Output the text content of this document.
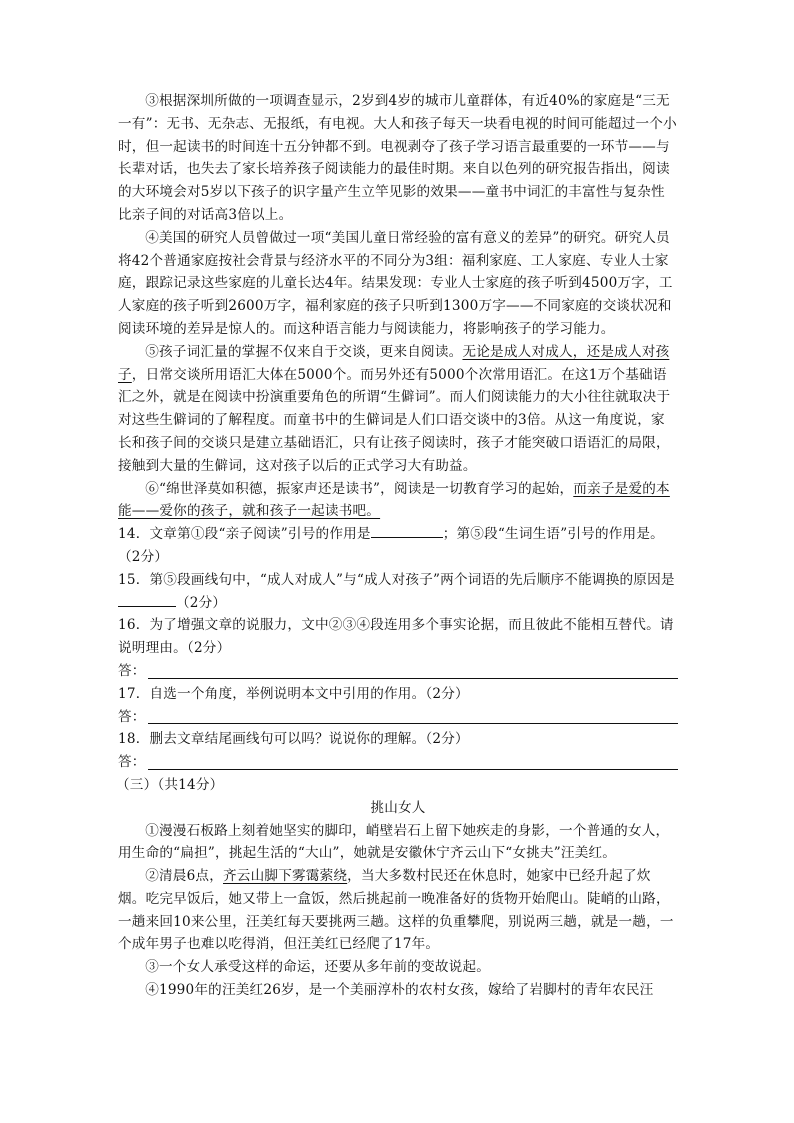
③根据深圳所做的一项调查显示，2岁到4岁的城市儿童群体，有近40%的家庭是“三无一有”：无书、无杂志、无报纸，有电视。大人和孩子每天一块看电视的时间可能超过一个小时，但一起读书的时间连十五分钟都不到。电视剥夺了孩子学习语言最重要的一环节——与长辈对话，也失去了家长培养孩子阅读能力的最佳时期。来自以色列的研究报告指出，阅读的大环境会对5岁以下孩子的识字量产生立竿见影的效果——童书中词汇的丰富性与复杂性比亲子间的对话高3倍以上。

④美国的研究人员曾做过一项“美国儿童日常经验的富有意义的差异”的研究。研究人员将42个普通家庭按社会背景与经济水平的不同分为3组：福利家庭、工人家庭、专业人士家庭，跟踪记录这些家庭的儿童长达4年。结果发现：专业人士家庭的孩子听到4500万字，工人家庭的孩子听到2600万字，福利家庭的孩子只听到1300万字——不同家庭的交谈状况和阅读环境的差异是惊人的。而这种语言能力与阅读能力，将影响孩子的学习能力。

⑤孩子词汇量的掌握不仅来自于交谈，更来自阅读。无论是成人对成人，还是成人对孩子，日常交谈所用语汇大体在5000个。而另外还有5000个次常用语汇。在这1万个基础语汇之外，就是在阅读中扮演重要角色的所谓“生僻词”。而人们阅读能力的大小往往就取决于对这些生僻词的了解程度。而童书中的生僻词是人们口语交谈中的3倍。从这一角度说，家长和孩子间的交谈只是建立基础语汇，只有让孩子阅读时，孩子才能突破口语语汇的局限，接触到大量的生僻词，这对孩子以后的正式学习大有助益。

⑥“绵世泽莫如积德，振家声还是读书”，阅读是一切教育学习的起始，而亲子是爱的本能——爱你的孩子，就和孩子一起读书吧。

14．文章第①段“亲子阅读”引号的作用是	；第⑤段“生词生语”引号的作用是。（2分）

15．第⑤段画线句中，“成人对成人”与“成人对孩子”两个词语的先后顺序不能调换的原因是（2分）

16．为了增强文章的说服力，文中②③④段连用多个事实论据，而且彼此不能相互替代。请说明理由。（2分）

答：

17．自选一个角度，举例说明本文中引用的作用。（2分）

答：

18．删去文章结尾画线句可以吗？说说你的理解。（2分）

答：

（三）（共14分）

挑山女人

①漫漫石板路上刻着她坚实的脚印，峭壁岩石上留下她疾走的身影，一个普通的女人，用生命的“扁担”，挑起生活的“大山”，她就是安徽休宁齐云山下“女挑夫”汪美红。

②清晨6点，齐云山脚下雾霭萦绕，当大多数村民还在休息时，她家中已经升起了炊烟。吃完早饭后，她又带上一盒饭，然后挑起前一晚准备好的货物开始爬山。陡峭的山路，一趟来回10来公里，汪美红每天要挑两三趟。这样的负重攀爬，别说两三趟，就是一趟，一个成年男子也难以吃得消，但汪美红已经爬了17年。

③一个女人承受这样的命运，还要从多年前的变故说起。

④1990年的汪美红26岁，是一个美丽淳朴的农村女孩，嫁给了岩脚村的青年农民汪
